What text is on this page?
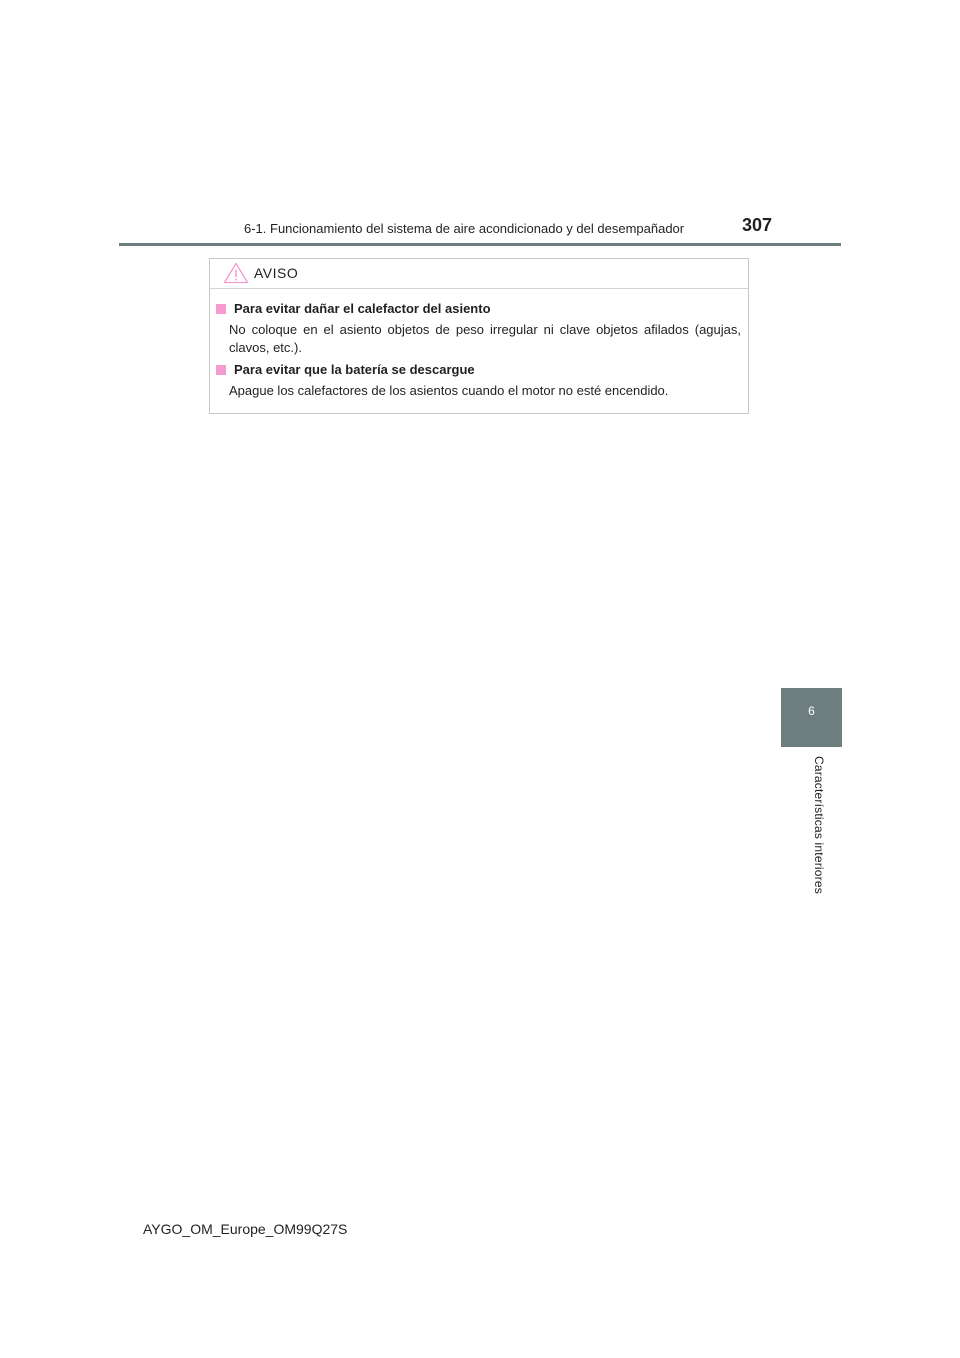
6-1. Funcionamiento del sistema de aire acondicionado y del desempañador	307
AVISO
Para evitar dañar el calefactor del asiento
No coloque en el asiento objetos de peso irregular ni clave objetos afilados (agujas, clavos, etc.).
Para evitar que la batería se descargue
Apague los calefactores de los asientos cuando el motor no esté encendido.
6
Características interiores
AYGO_OM_Europe_OM99Q27S
